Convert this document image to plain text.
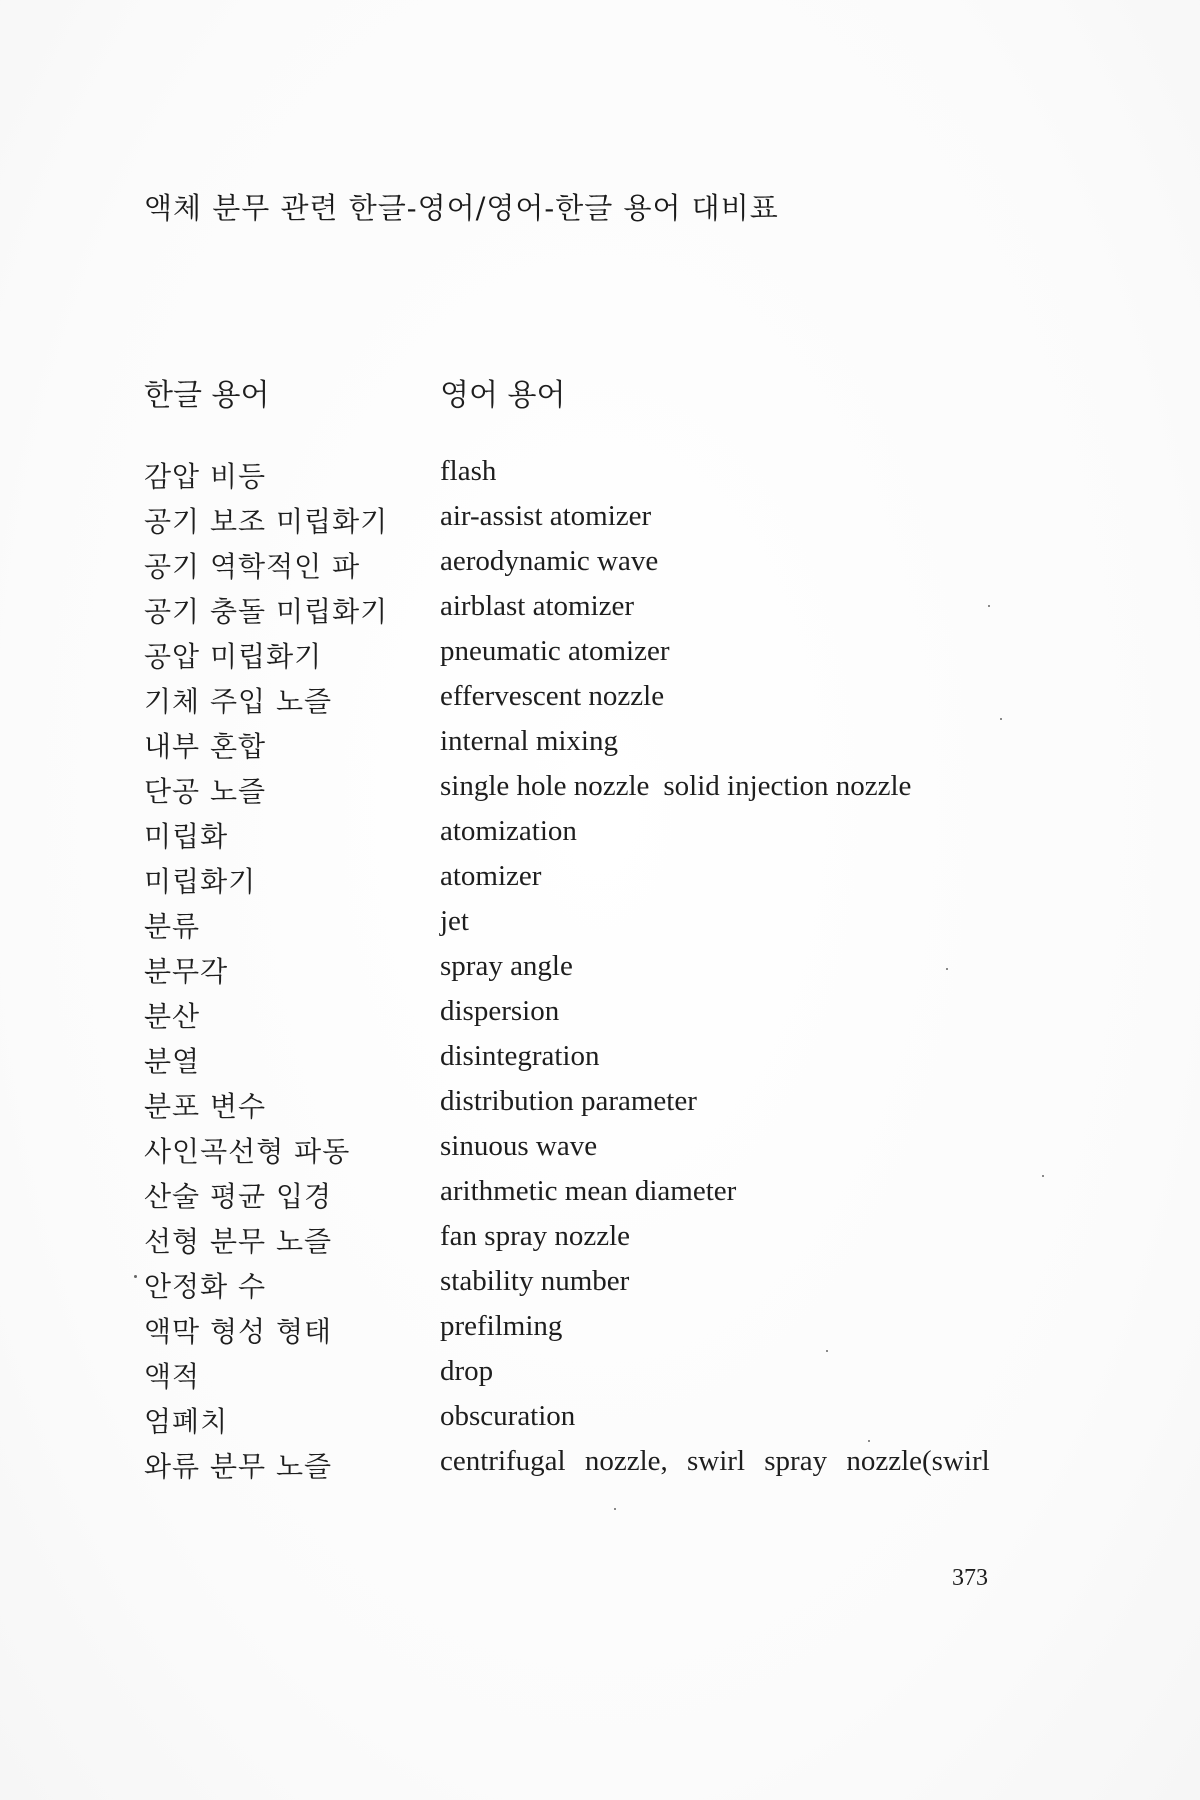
액체 분무 관련 한글-영어/영어-한글 용어 대비표
한글 용어	영어 용어
감압 비등	flash
공기 보조 미립화기 air-assist atomizer
공기 역학적인 파	aerodynamic wave
공기 충돌 미립화기 airblast atomizer
공압 미립화기	pneumatic atomizer
기체 주입 노즐	effervescent nozzle
내부 혼합	internal mixing
단공 노즐	single hole nozzle solid injection nozzle
미립화	atomization
미립화기	atomizer
분류	jet
분무각	spray angle
분산	dispersion
분열	disintegration
분포 변수	distribution parameter
사인곡선형 파동	sinuous wave
산술 평균 입경	arithmetic mean diameter
선형 분무 노즐	fan spray nozzle
안정화 수	stability number
액막 형성 형태	prefilming
액적	drop
엄폐치	obscuration
와류 분무 노즐	centrifugal nozzle, swirl spray nozzle(swirl
373
